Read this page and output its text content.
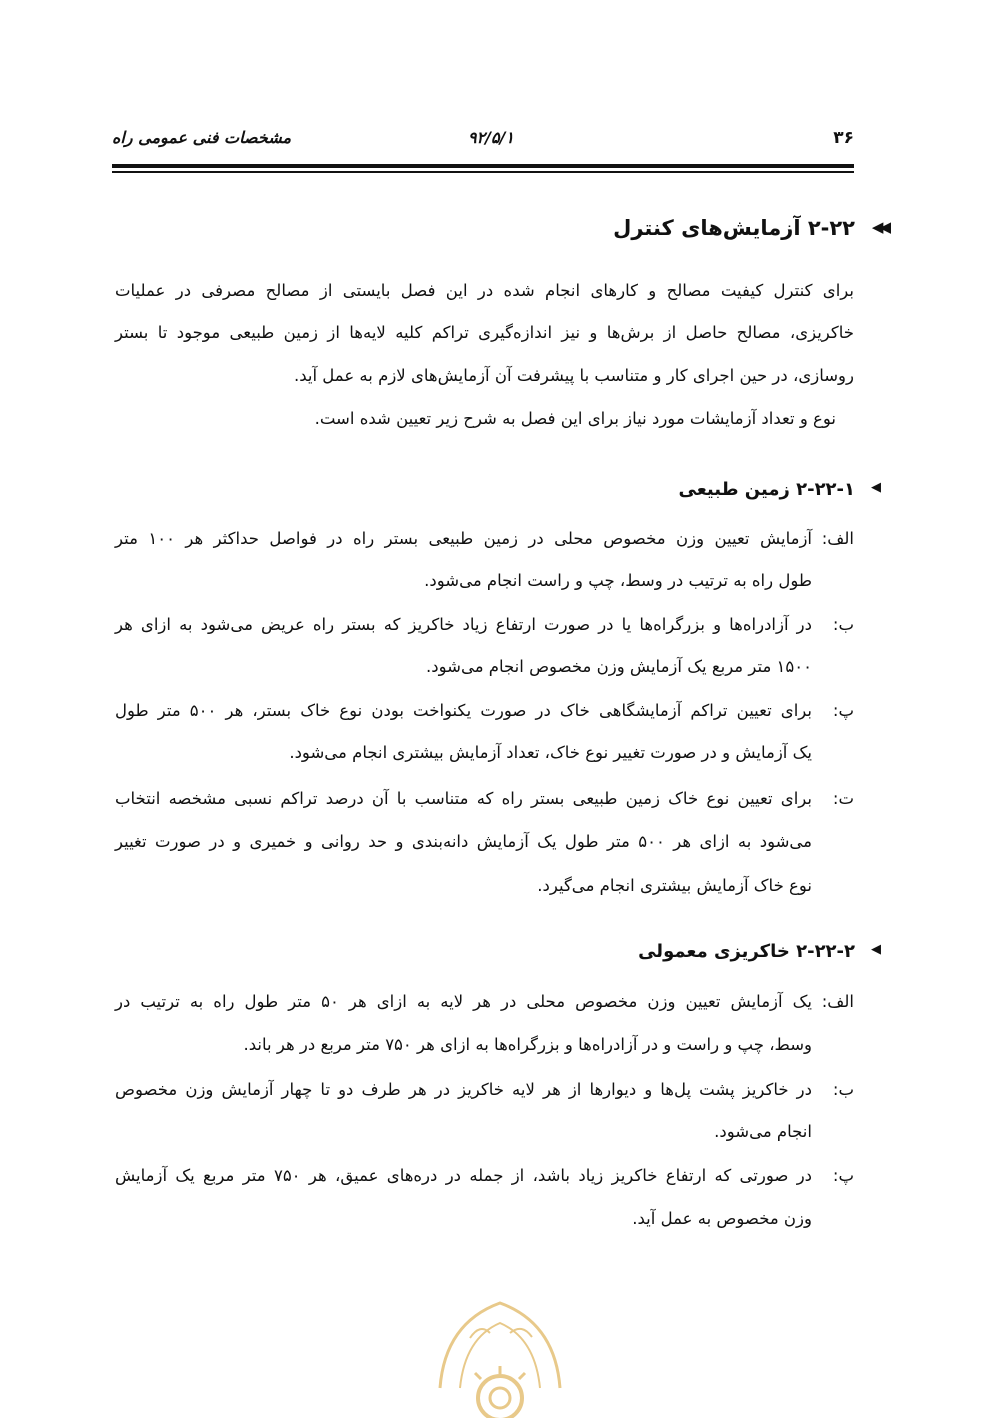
۳۶
۹۲/۵/۱
مشخصات فنی عمومی راه
◀◀
۲-۲۲ آزمایش‌های کنترل
برای کنترل کیفیت مصالح و کارهای انجام شده در این فصل بایستی از مصالح مصرفی در عملیات
خاکریزی، مصالح حاصل از برش‌ها و نیز اندازه‌گیری تراکم کلیه لایه‌ها از زمین طبیعی موجود تا بستر
روسازی، در حین اجرای کار و متناسب با پیشرفت آن آزمایش‌های لازم به عمل آید.
نوع و تعداد آزمایشات مورد نیاز برای این فصل به شرح زیر تعیین شده است.
◀
۲-۲۲-۱ زمین طبیعی
الف:
آزمایش تعیین وزن مخصوص محلی در زمین طبیعی بستر راه در فواصل حداکثر هر ۱۰۰ متر
طول راه به ترتیب در وسط، چپ و راست انجام می‌شود.
ب:
در آزادراه‌ها و بزرگراه‌ها یا در صورت ارتفاع زیاد خاکریز که بستر راه عریض می‌شود به ازای هر
۱۵۰۰ متر مربع یک آزمایش وزن مخصوص انجام می‌شود.
پ:
برای تعیین تراکم آزمایشگاهی خاک در صورت یکنواخت بودن نوع خاک بستر، هر ۵۰۰ متر طول
یک آزمایش و در صورت تغییر نوع خاک، تعداد آزمایش بیشتری انجام می‌شود.
ت:
برای تعیین نوع خاک زمین طبیعی بستر راه که متناسب با آن درصد تراکم نسبی مشخصه انتخاب
می‌شود به ازای هر ۵۰۰ متر طول یک آزمایش دانه‌بندی و حد روانی و خمیری و در صورت تغییر
نوع خاک آزمایش بیشتری انجام می‌گیرد.
◀
۲-۲۲-۲ خاکریزی معمولی
الف:
یک آزمایش تعیین وزن مخصوص محلی در هر لایه به ازای هر ۵۰ متر طول راه به ترتیب در
وسط، چپ و راست و در آزادراه‌ها و بزرگراه‌ها به ازای هر ۷۵۰ متر مربع در هر باند.
ب:
در خاکریز پشت پل‌ها و دیوارها از هر لایه خاکریز در هر طرف دو تا چهار آزمایش وزن مخصوص
انجام می‌شود.
پ:
در صورتی که ارتفاع خاکریز زیاد باشد، از جمله در دره‌های عمیق، هر ۷۵۰ متر مربع یک آزمایش
وزن مخصوص به عمل آید.
